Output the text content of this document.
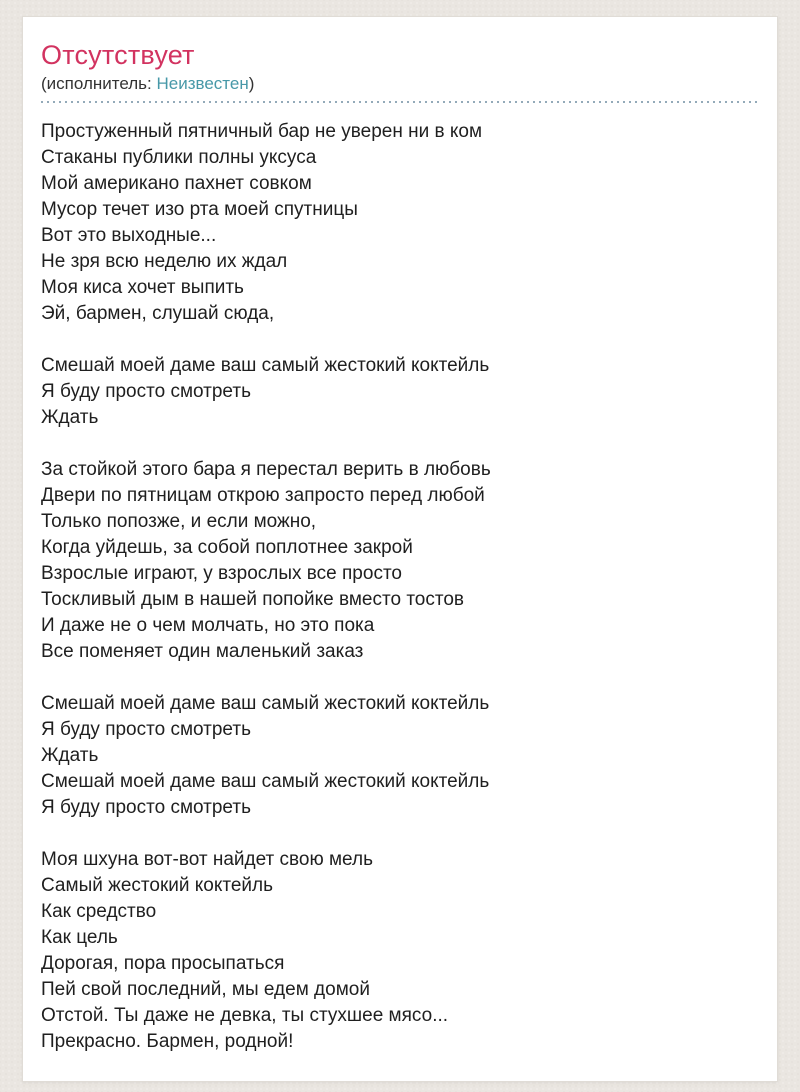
Отсутствует
(исполнитель: Неизвестен)
Простуженный пятничный бар не уверен ни в ком
Стаканы публики полны уксуса
Мой американо пахнет совком
Мусор течет изо рта моей спутницы
Вот это выходные...
Не зря всю неделю их ждал
Моя киса хочет выпить
Эй, бармен, слушай сюда,
Смешай моей даме ваш самый жестокий коктейль
Я буду просто смотреть
Ждать
За стойкой этого бара я перестал верить в любовь
Двери по пятницам открою запросто перед любой
Только попозже, и если можно,
Когда уйдешь, за собой поплотнее закрой
Взрослые играют, у взрослых все просто
Тоскливый дым в нашей попойке вместо тостов
И даже не о чем молчать, но это пока
Все поменяет один маленький заказ
Смешай моей даме ваш самый жестокий коктейль
Я буду просто смотреть
Ждать
Смешай моей даме ваш самый жестокий коктейль
Я буду просто смотреть
Моя шхуна вот-вот найдет свою мель
Самый жестокий коктейль
Как средство
Как цель
Дорогая, пора просыпаться
Пей свой последний, мы едем домой
Отстой. Ты даже не девка, ты стухшее мясо...
Прекрасно. Бармен, родной!
